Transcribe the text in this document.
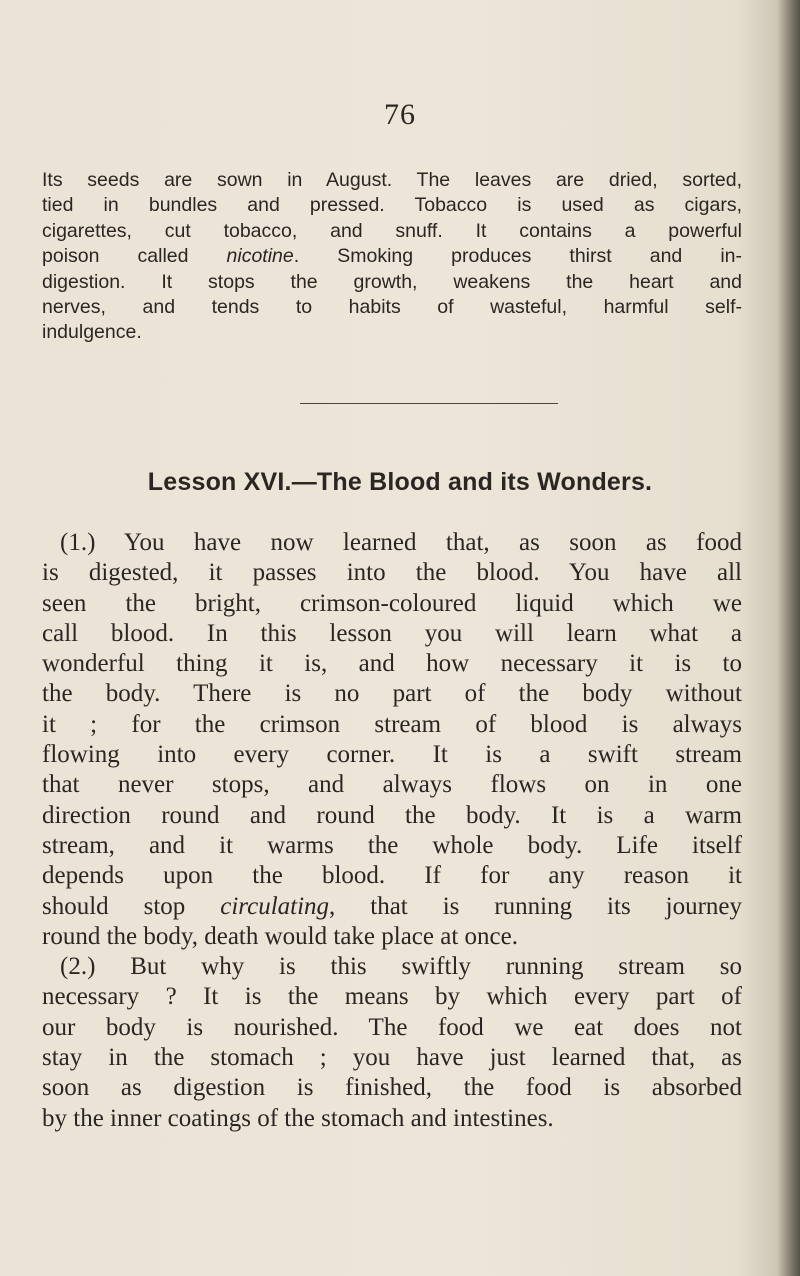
76
Its seeds are sown in August. The leaves are dried, sorted,
tied in bundles and pressed. Tobacco is used as cigars,
cigarettes, cut tobacco, and snuff. It contains a powerful
poison called nicotine. Smoking produces thirst and in-
digestion. It stops the growth, weakens the heart and
nerves, and tends to habits of wasteful, harmful self-
indulgence.
Lesson XVI.—The Blood and its Wonders.
(1.) You have now learned that, as soon as food
is digested, it passes into the blood. You have all
seen the bright, crimson-coloured liquid which we
call blood. In this lesson you will learn what a
wonderful thing it is, and how necessary it is to
the body. There is no part of the body without
it ; for the crimson stream of blood is always
flowing into every corner. It is a swift stream
that never stops, and always flows on in one
direction round and round the body. It is a warm
stream, and it warms the whole body. Life itself
depends upon the blood. If for any reason it
should stop circulating, that is running its journey
round the body, death would take place at once.
(2.) But why is this swiftly running stream so
necessary ? It is the means by which every part of
our body is nourished. The food we eat does not
stay in the stomach ; you have just learned that, as
soon as digestion is finished, the food is absorbed
by the inner coatings of the stomach and intestines.
